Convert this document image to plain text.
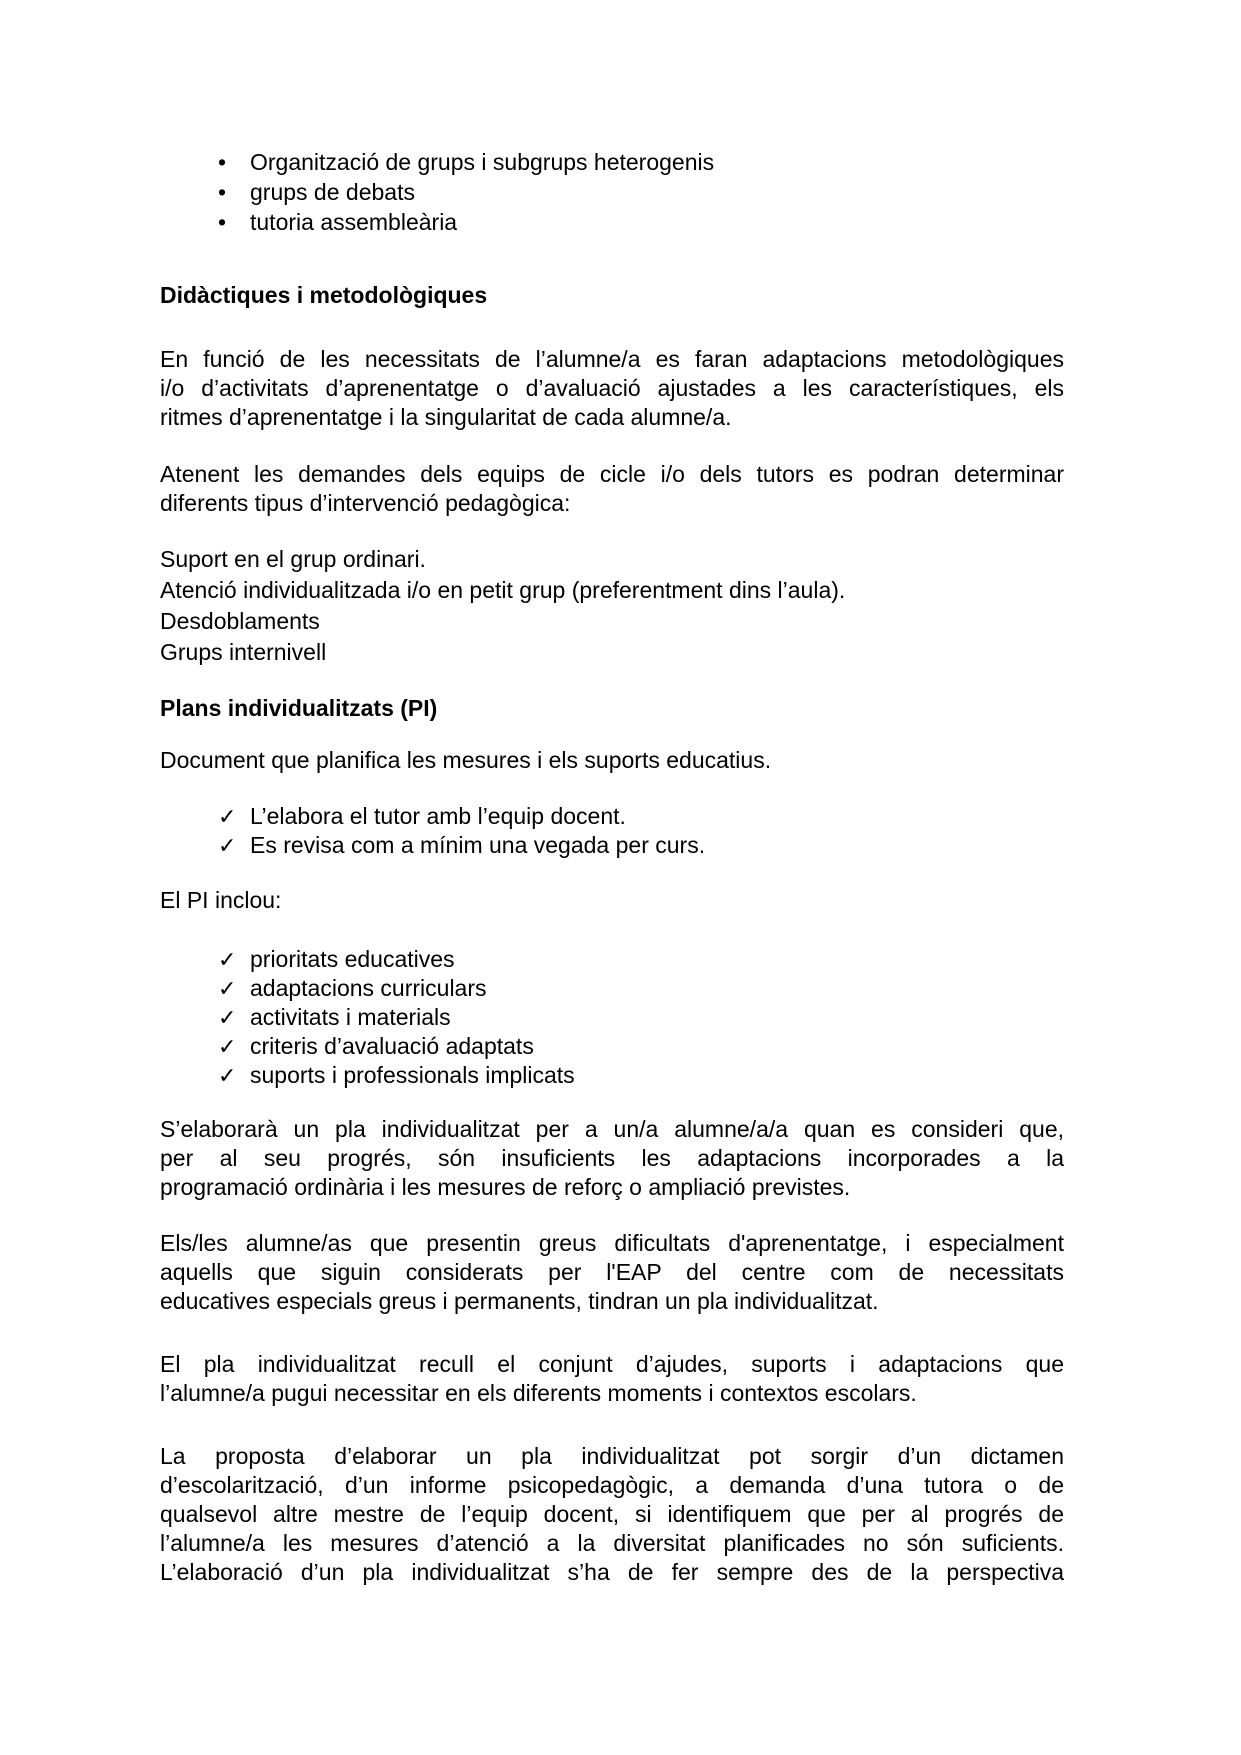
•	Organització de grups i subgrups heterogenis
•	grups de debats
•	tutoria assembleària
Didàctiques i metodològiques
En funció de les necessitats de l’alumne/a es faran adaptacions metodològiques
i/o d’activitats d’aprenentatge o d’avaluació ajustades a les característiques, els
ritmes d’aprenentatge i la singularitat de cada alumne/a.
Atenent les demandes dels equips de cicle i/o dels tutors es podran determinar
diferents tipus d’intervenció pedagògica:
Suport en el grup ordinari.
Atenció individualitzada i/o en petit grup (preferentment dins l’aula).
Desdoblaments
Grups internivell
Plans individualitzats (PI)
Document que planifica les mesures i els suports educatius.
✓ L’elabora el tutor amb l’equip docent.
✓ Es revisa com a mínim una vegada per curs.
El PI inclou:
✓ prioritats educatives
✓ adaptacions curriculars
✓ activitats i materials
✓ criteris d’avaluació adaptats
✓ suports i professionals implicats
S’elaborarà un pla individualitzat per a un/a alumne/a/a quan es consideri que,
per al seu progrés, són insuficients les adaptacions incorporades a la
programació ordinària i les mesures de reforç o ampliació previstes.
Els/les alumne/as que presentin greus dificultats d'aprenentatge, i especialment
aquells que siguin considerats per l'EAP del centre com de necessitats
educatives especials greus i permanents, tindran un pla individualitzat.
El pla individualitzat recull el conjunt d’ajudes, suports i adaptacions que
l’alumne/a pugui necessitar en els diferents moments i contextos escolars.
La proposta d’elaborar un pla individualitzat pot sorgir d’un dictamen
d’escolarització, d’un informe psicopedagògic, a demanda d’una tutora o de
qualsevol altre mestre de l’equip docent, si identifiquem que per al progrés de
l’alumne/a les mesures d’atenció a la diversitat planificades no són suficients.
L’elaboració d’un pla individualitzat s’ha de fer sempre des de la perspectiva
